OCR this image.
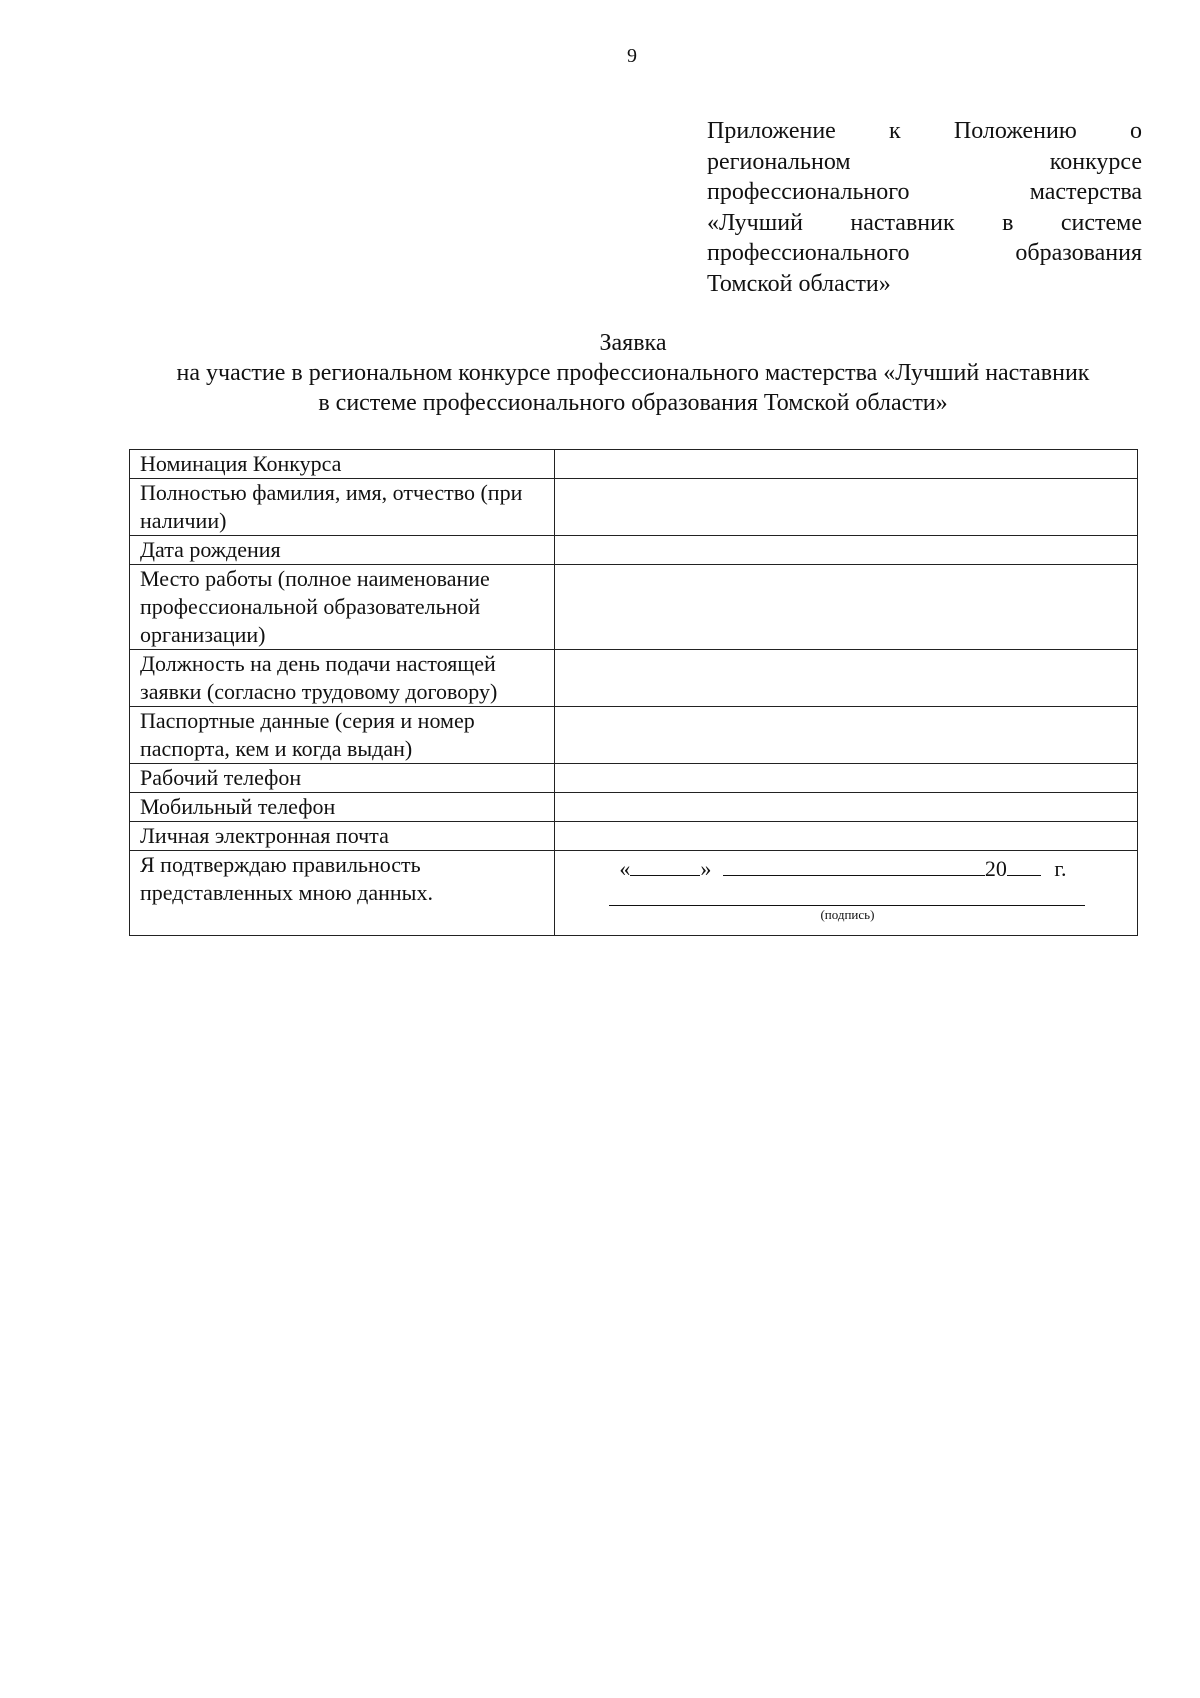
9
Приложение к Положению о
региональном	конкурсе
профессионального	мастерства
«Лучший наставник в системе
профессионального	образования
Томской области»
Заявка
на участие в региональном конкурсе профессионального мастерства «Лучший наставник
в системе профессионального образования Томской области»
Номинация Конкурса	
Полностью фамилия, имя, отчество (при наличии)	
Дата рождения	
Место работы (полное наименование профессиональной образовательной организации)	
Должность на день подачи настоящей заявки (согласно трудовому договору)	
Паспортные данные (серия и номер паспорта, кем и когда выдан)	
Рабочий телефон	
Мобильный телефон	
Личная электронная почта	
Я подтверждаю правильность представленных мною данных.	« » 20 г.
(подпись)
